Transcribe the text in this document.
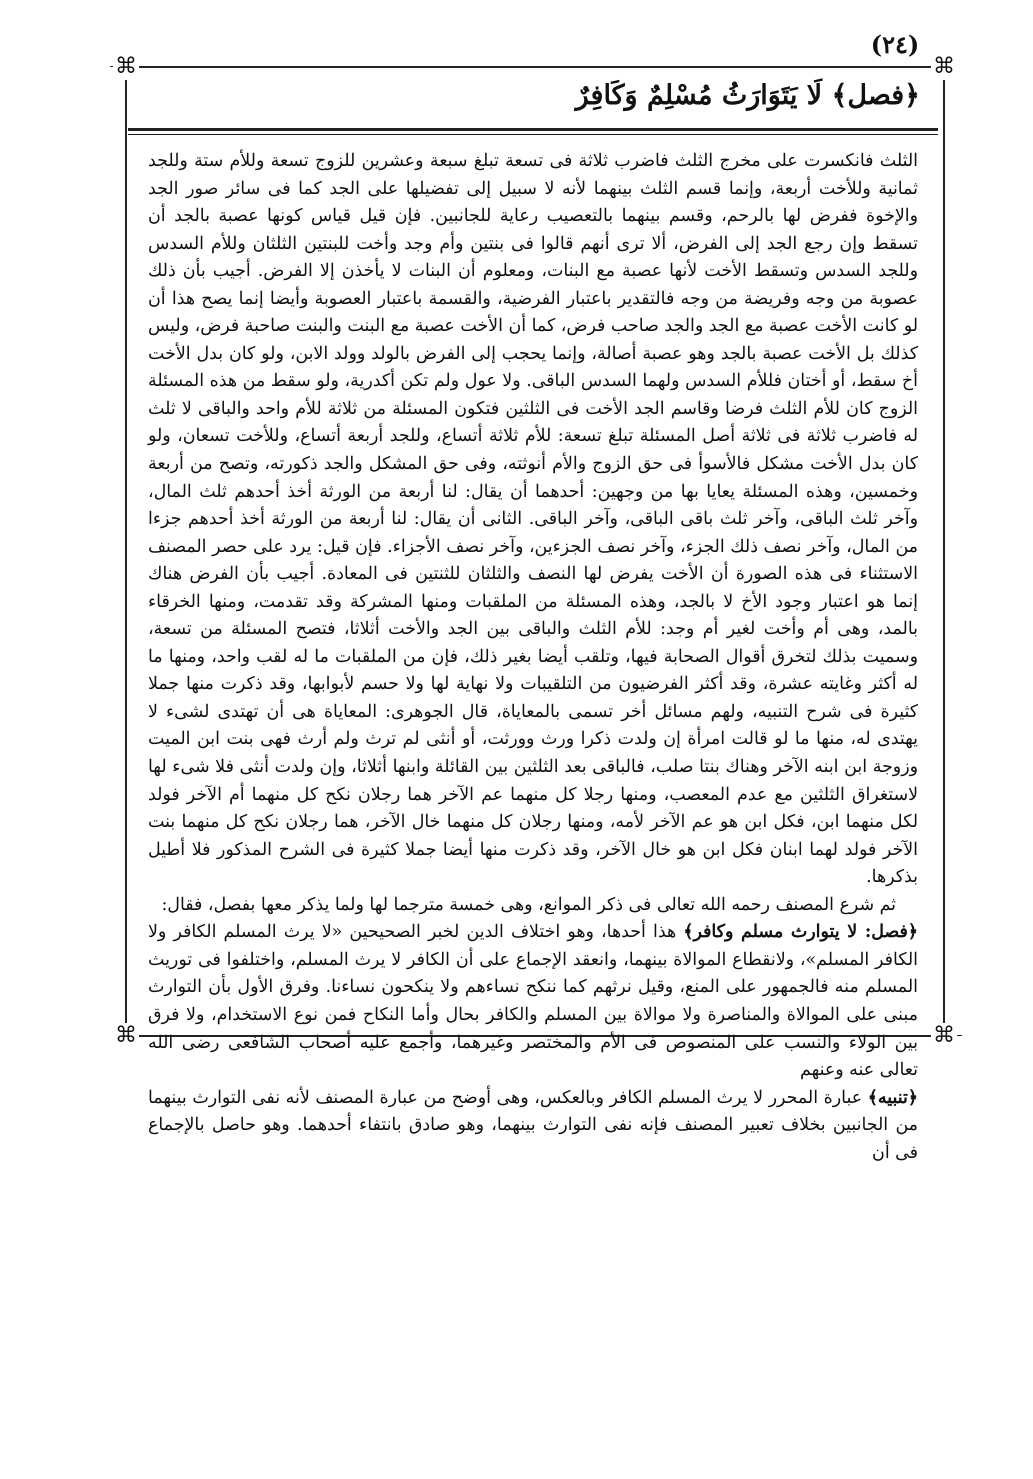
⌘	⌘
⌘	⌘
(٢٤)
﴿فصل﴾ لَا يَتَوَارَثُ مُسْلِمٌ وَكَافِرٌ

الثلث فانكسرت على مخرج الثلث فاضرب ثلاثة فى تسعة تبلغ سبعة وعشرين للزوج تسعة وللأم ستة وللجد ثمانية وللأخت أربعة، وإنما قسم الثلث بينهما لأنه لا سبيل إلى تفضيلها على الجد كما فى سائر صور الجد والإخوة ففرض لها بالرحم، وقسم بينهما بالتعصيب رعاية للجانبين. فإن قيل قياس كونها عصبة بالجد أن تسقط وإن رجع الجد إلى الفرض، ألا ترى أنهم قالوا فى بنتين وأم وجد وأخت للبنتين الثلثان وللأم السدس وللجد السدس وتسقط الأخت لأنها عصبة مع البنات، ومعلوم أن البنات لا يأخذن إلا الفرض. أجيب بأن ذلك عصوبة من وجه وفريضة من وجه فالتقدير باعتبار الفرضية، والقسمة باعتبار العصوبة وأيضا إنما يصح هذا أن لو كانت الأخت عصبة مع الجد والجد صاحب فرض، كما أن الأخت عصبة مع البنت والبنت صاحبة فرض، وليس كذلك بل الأخت عصبة بالجد وهو عصبة أصالة، وإنما يحجب إلى الفرض بالولد وولد الابن، ولو كان بدل الأخت أخ سقط، أو أختان فللأم السدس ولهما السدس الباقى. ولا عول ولم تكن أكدرية، ولو سقط من هذه المسئلة الزوج كان للأم الثلث فرضا وقاسم الجد الأخت فى الثلثين فتكون المسئلة من ثلاثة للأم واحد والباقى لا ثلث له فاضرب ثلاثة فى ثلاثة أصل المسئلة تبلغ تسعة: للأم ثلاثة أتساع، وللجد أربعة أتساع، وللأخت تسعان، ولو كان بدل الأخت مشكل فالأسوأ فى حق الزوج والأم أنوثته، وفى حق المشكل والجد ذكورته، وتصح من أربعة وخمسين، وهذه المسئلة يعايا بها من وجهين: أحدهما أن يقال: لنا أربعة من الورثة أخذ أحدهم ثلث المال، وآخر ثلث الباقى، وآخر ثلث باقى الباقى، وآخر الباقى. الثانى أن يقال: لنا أربعة من الورثة أخذ أحدهم جزءا من المال، وآخر نصف ذلك الجزء، وآخر نصف الجزءين، وآخر نصف الأجزاء. فإن قيل: يرد على حصر المصنف الاستثناء فى هذه الصورة أن الأخت يفرض لها النصف والثلثان للثنتين فى المعادة. أجيب بأن الفرض هناك إنما هو اعتبار وجود الأخ لا بالجد، وهذه المسئلة من الملقبات ومنها المشركة وقد تقدمت، ومنها الخرقاء بالمد، وهى أم وأخت لغير أم وجد: للأم الثلث والباقى بين الجد والأخت أثلاثا، فتصح المسئلة من تسعة، وسميت بذلك لتخرق أقوال الصحابة فيها، وتلقب أيضا بغير ذلك، فإن من الملقبات ما له لقب واحد، ومنها ما له أكثر وغايته عشرة، وقد أكثر الفرضيون من التلقيبات ولا نهاية لها ولا حسم لأبوابها، وقد ذكرت منها جملا كثيرة فى شرح التنبيه، ولهم مسائل أخر تسمى بالمعاياة، قال الجوهرى: المعاياة هى أن تهتدى لشىء لا يهتدى له، منها ما لو قالت امرأة إن ولدت ذكرا ورث وورثت، أو أنثى لم ترث ولم أرث فهى بنت ابن الميت وزوجة ابن ابنه الآخر وهناك بنتا صلب، فالباقى بعد الثلثين بين القائلة وابنها أثلاثا، وإن ولدت أنثى فلا شىء لها لاستغراق الثلثين مع عدم المعصب، ومنها رجلا كل منهما عم الآخر هما رجلان نكح كل منهما أم الآخر فولد لكل منهما ابن، فكل ابن هو عم الآخر لأمه، ومنها رجلان كل منهما خال الآخر، هما رجلان نكح كل منهما بنت الآخر فولد لهما ابنان فكل ابن هو خال الآخر، وقد ذكرت منها أيضا جملا كثيرة فى الشرح المذكور فلا أطيل بذكرها.

ثم شرع المصنف رحمه الله تعالى فى ذكر الموانع، وهى خمسة مترجما لها ولما يذكر معها بفصل، فقال:

﴿فصل: لا يتوارث مسلم وكافر﴾ هذا أحدها، وهو اختلاف الدين لخبر الصحيحين «لا يرث المسلم الكافر ولا الكافر المسلم»، ولانقطاع الموالاة بينهما، وانعقد الإجماع على أن الكافر لا يرث المسلم، واختلفوا فى توريث المسلم منه فالجمهور على المنع، وقيل نرثهم كما ننكح نساءهم ولا ينكحون نساءنا. وفرق الأول بأن التوارث مبنى على الموالاة والمناصرة ولا موالاة بين المسلم والكافر بحال وأما النكاح فمن نوع الاستخدام، ولا فرق بين الولاء والنسب على المنصوص فى الأم والمختصر وغيرهما، وأجمع عليه أصحاب الشافعى رضى الله تعالى عنه وعنهم

﴿تنبيه﴾ عبارة المحرر لا يرث المسلم الكافر وبالعكس، وهى أوضح من عبارة المصنف لأنه نفى التوارث بينهما من الجانبين بخلاف تعبير المصنف فإنه نفى التوارث بينهما، وهو صادق بانتفاء أحدهما. وهو حاصل بالإجماع فى أن
